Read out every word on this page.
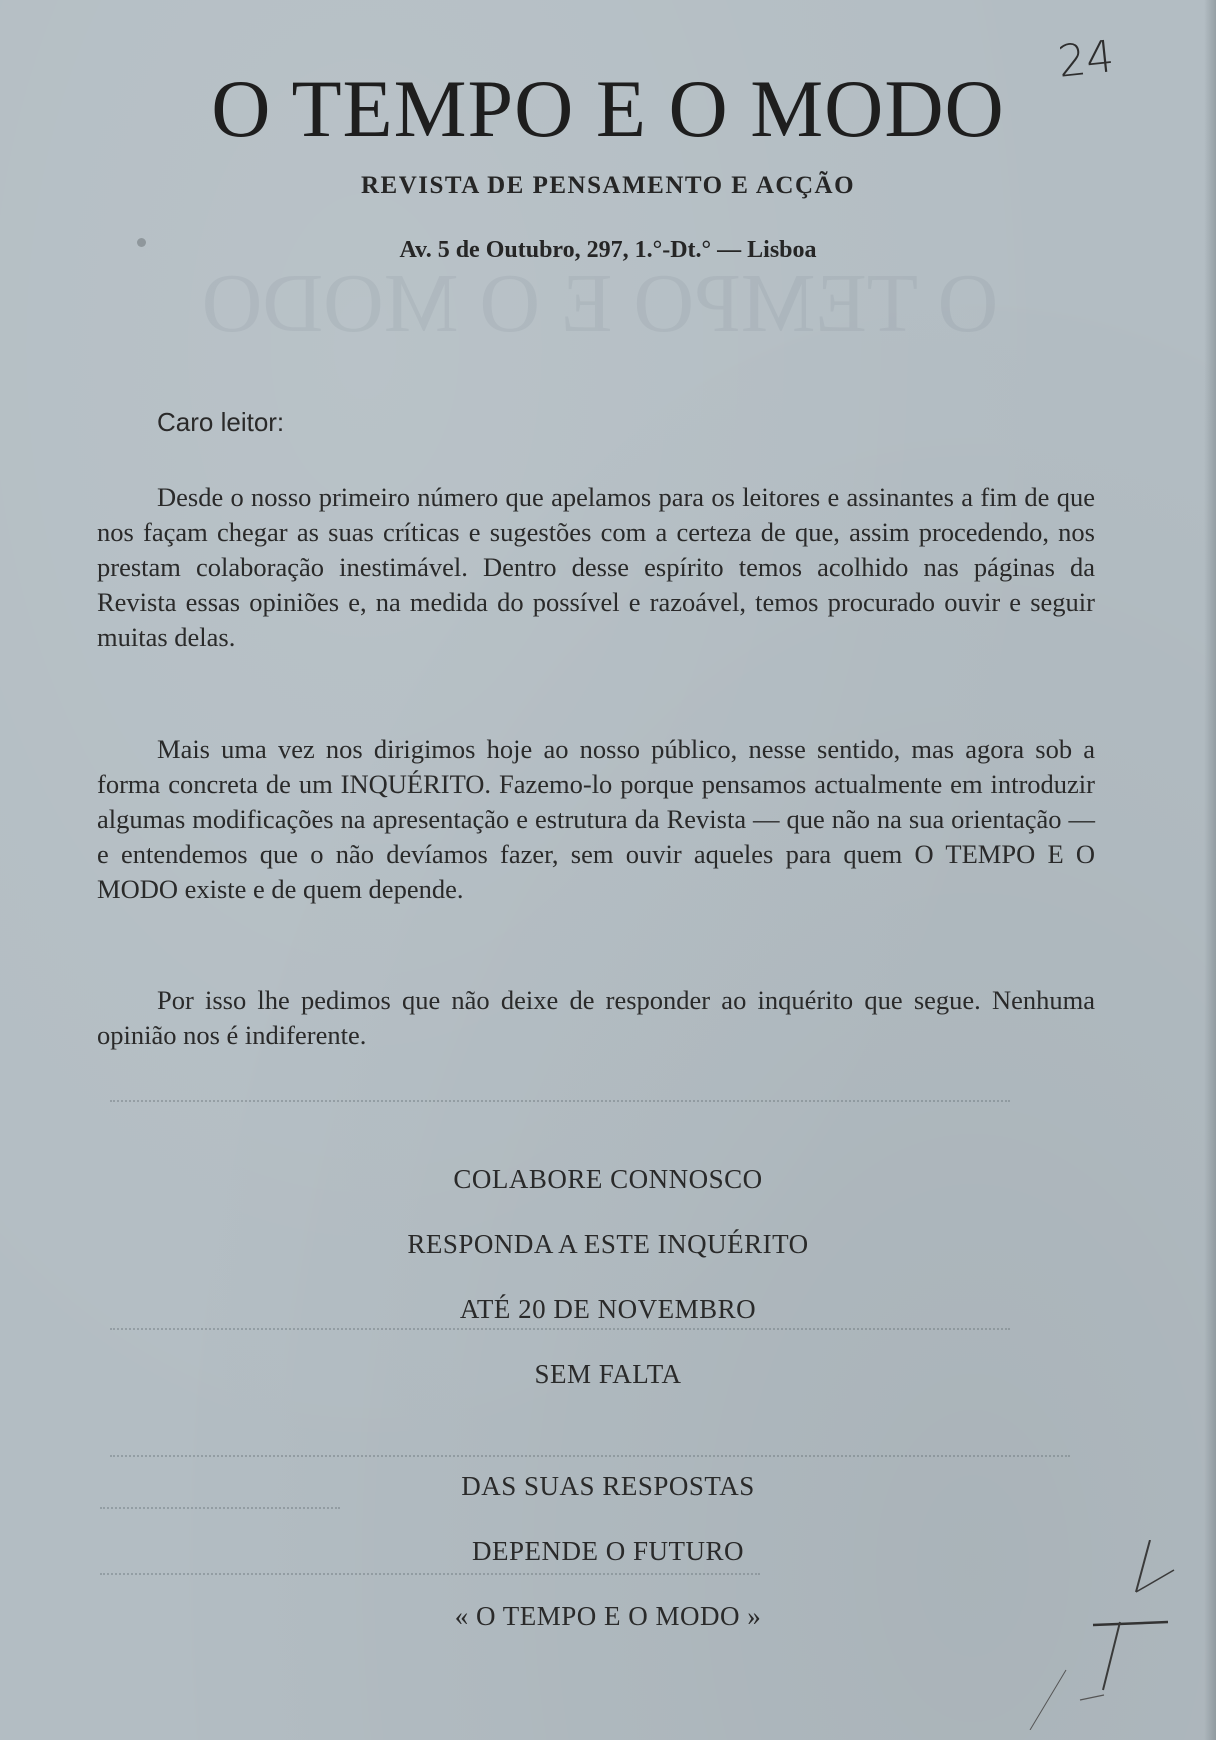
O TEMPO E O MODO
O TEMPO E O MODO
24
REVISTA DE PENSAMENTO E ACÇÃO
Av. 5 de Outubro, 297, 1.°-Dt.° — Lisboa
Caro leitor:

Desde o nosso primeiro número que apelamos para os leitores e assinantes a fim de que nos façam chegar as suas críticas e sugestões com a certeza de que, assim procedendo, nos prestam colaboração inestimável. Dentro desse espírito temos acolhido nas páginas da Revista essas opiniões e, na medida do possível e razoável, temos procurado ouvir e seguir muitas delas.

Mais uma vez nos dirigimos hoje ao nosso público, nesse sentido, mas agora sob a forma concreta de um INQUÉRITO. Fazemo-lo porque pensamos actualmente em introduzir algumas modificações na apresentação e estrutura da Revista — que não na sua orientação — e entendemos que o não devíamos fazer, sem ouvir aqueles para quem O TEMPO E O MODO existe e de quem depende.

Por isso lhe pedimos que não deixe de responder ao inquérito que segue. Nenhuma opinião nos é indiferente.

COLABORE CONNOSCO
RESPONDA A ESTE INQUÉRITO
ATÉ 20 DE NOVEMBRO
SEM FALTA
DAS SUAS RESPOSTAS
DEPENDE O FUTURO
« O TEMPO E O MODO »
